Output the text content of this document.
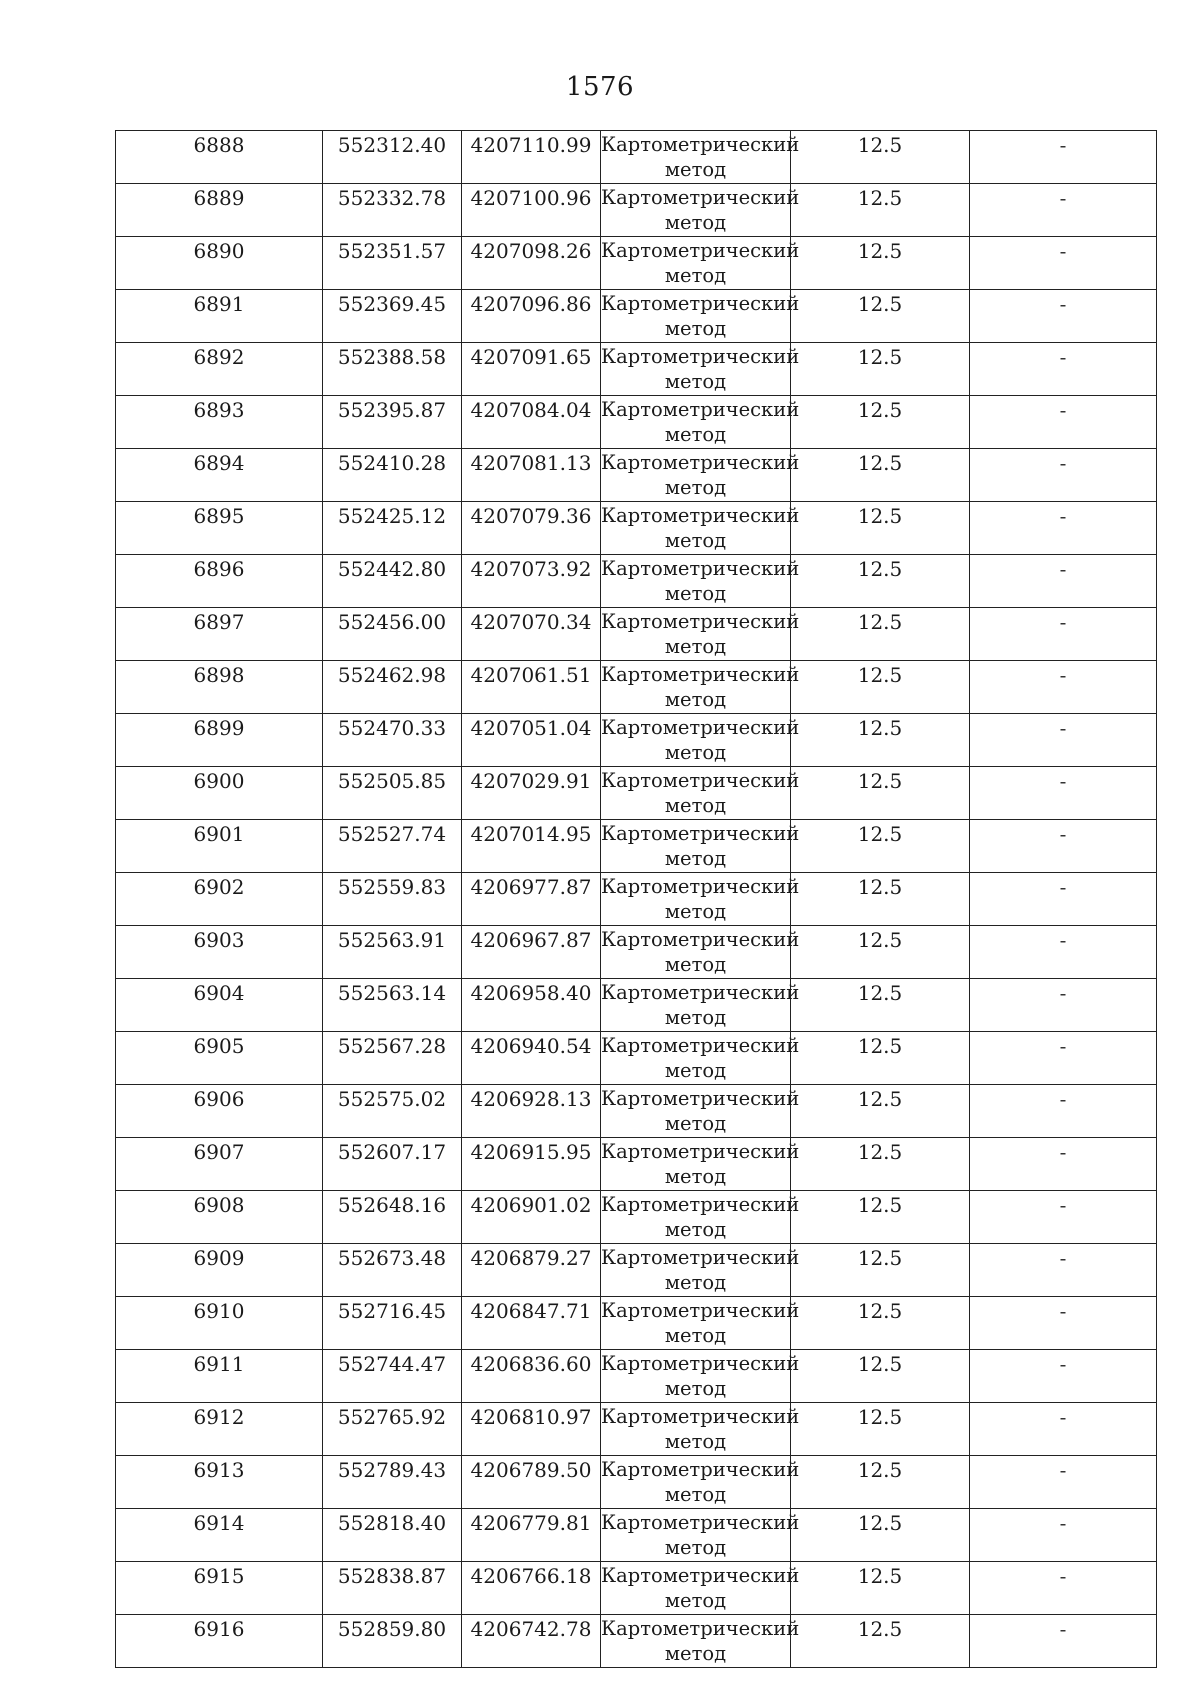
1576
6888	552312.40	4207110.99	Картометрический
метод	12.5	-

6889	552332.78	4207100.96	Картометрический
метод	12.5	-

6890	552351.57	4207098.26	Картометрический
метод	12.5	-

6891	552369.45	4207096.86	Картометрический
метод	12.5	-

6892	552388.58	4207091.65	Картометрический
метод	12.5	-

6893	552395.87	4207084.04	Картометрический
метод	12.5	-

6894	552410.28	4207081.13	Картометрический
метод	12.5	-

6895	552425.12	4207079.36	Картометрический
метод	12.5	-

6896	552442.80	4207073.92	Картометрический
метод	12.5	-

6897	552456.00	4207070.34	Картометрический
метод	12.5	-

6898	552462.98	4207061.51	Картометрический
метод	12.5	-

6899	552470.33	4207051.04	Картометрический
метод	12.5	-

6900	552505.85	4207029.91	Картометрический
метод	12.5	-

6901	552527.74	4207014.95	Картометрический
метод	12.5	-

6902	552559.83	4206977.87	Картометрический
метод	12.5	-

6903	552563.91	4206967.87	Картометрический
метод	12.5	-

6904	552563.14	4206958.40	Картометрический
метод	12.5	-

6905	552567.28	4206940.54	Картометрический
метод	12.5	-

6906	552575.02	4206928.13	Картометрический
метод	12.5	-

6907	552607.17	4206915.95	Картометрический
метод	12.5	-

6908	552648.16	4206901.02	Картометрический
метод	12.5	-

6909	552673.48	4206879.27	Картометрический
метод	12.5	-

6910	552716.45	4206847.71	Картометрический
метод	12.5	-

6911	552744.47	4206836.60	Картометрический
метод	12.5	-

6912	552765.92	4206810.97	Картометрический
метод	12.5	-

6913	552789.43	4206789.50	Картометрический
метод	12.5	-

6914	552818.40	4206779.81	Картометрический
метод	12.5	-

6915	552838.87	4206766.18	Картометрический
метод	12.5	-

6916	552859.80	4206742.78	Картометрический
метод	12.5	-
